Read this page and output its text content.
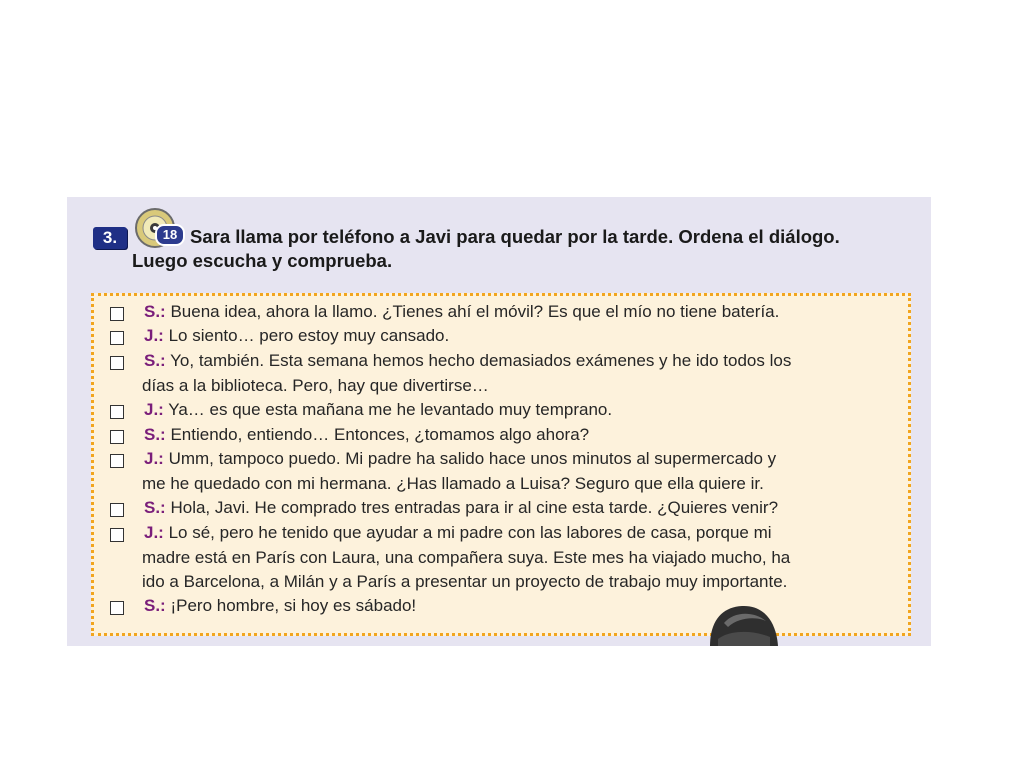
3.	18 Sara llama por teléfono a Javi para quedar por la tarde. Ordena el diálogo.
Luego escucha y comprueba.

S.: Buena idea, ahora la llamo. ¿Tienes ahí el móvil? Es que el mío no tiene batería.
J.: Lo siento… pero estoy muy cansado.
S.: Yo, también. Esta semana hemos hecho demasiados exámenes y he ido todos los
días a la biblioteca. Pero, hay que divertirse…
J.: Ya… es que esta mañana me he levantado muy temprano.
S.: Entiendo, entiendo… Entonces, ¿tomamos algo ahora?
J.: Umm, tampoco puedo. Mi padre ha salido hace unos minutos al supermercado y
me he quedado con mi hermana. ¿Has llamado a Luisa? Seguro que ella quiere ir.
S.: Hola, Javi. He comprado tres entradas para ir al cine esta tarde. ¿Quieres venir?
J.: Lo sé, pero he tenido que ayudar a mi padre con las labores de casa, porque mi
madre está en París con Laura, una compañera suya. Este mes ha viajado mucho, ha
ido a Barcelona, a Milán y a París a presentar un proyecto de trabajo muy importante.
S.: ¡Pero hombre, si hoy es sábado!
